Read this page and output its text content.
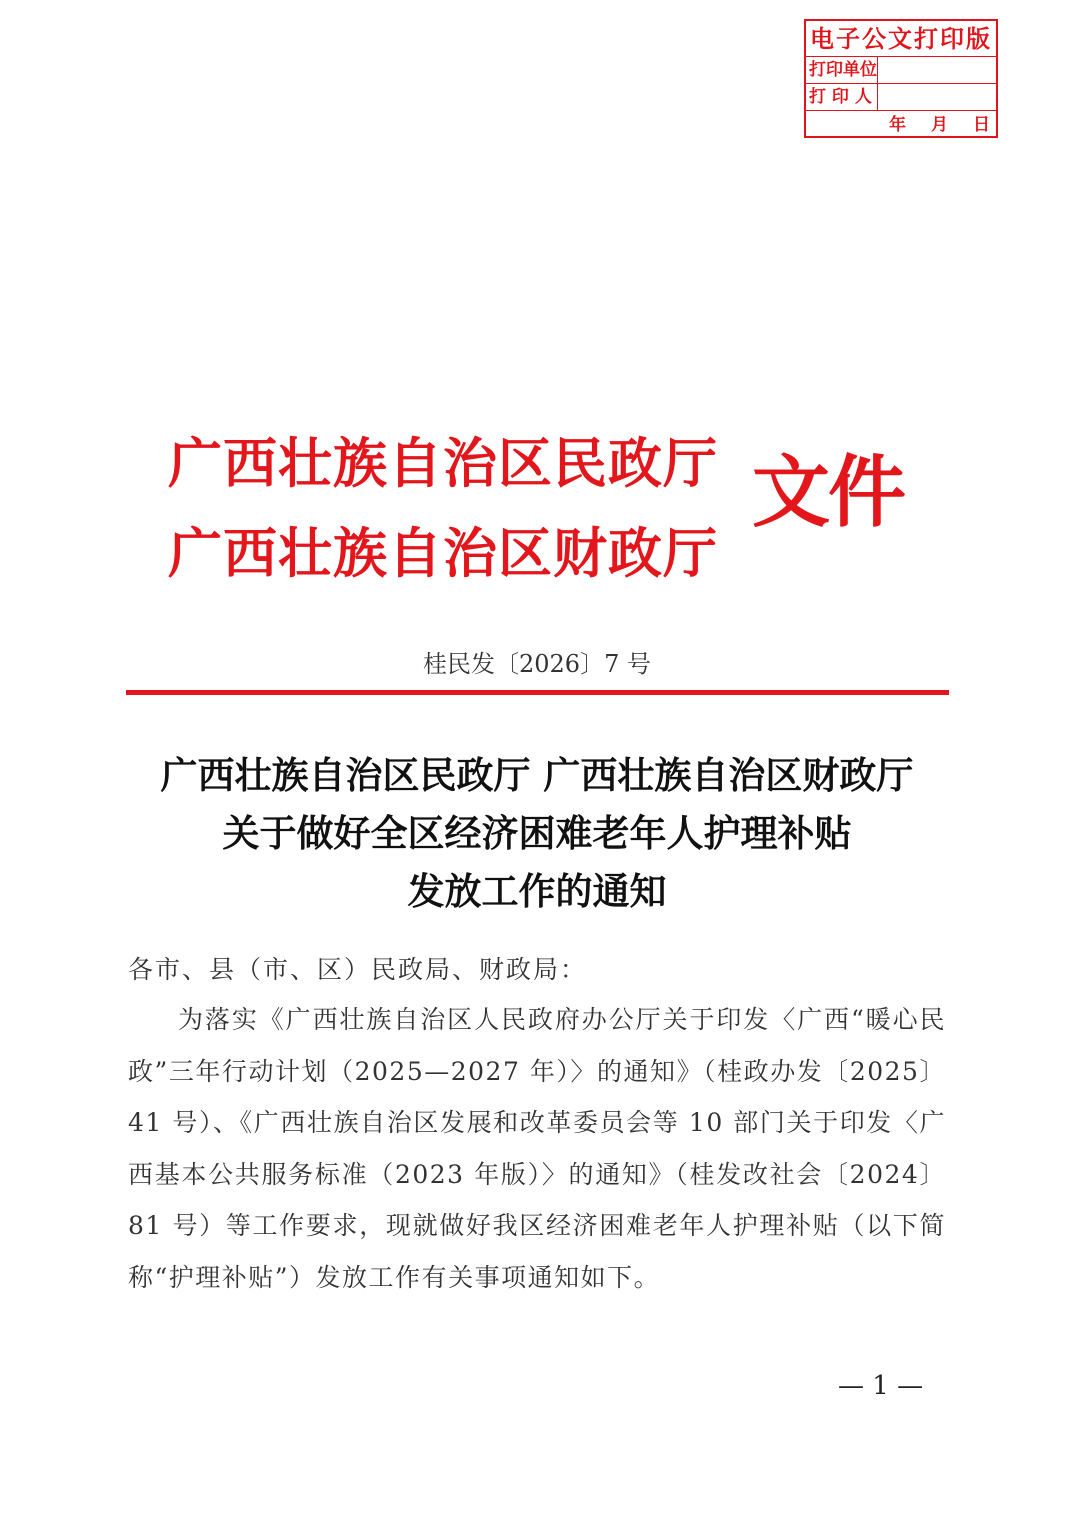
电子公文打印版
打印单位
打 印 人
年	月	日
广西壮族自治区民政厅
广西壮族自治区财政厅
文件
桂民发〔2026〕7 号
广西壮族自治区民政厅 广西壮族自治区财政厅
关于做好全区经济困难老年人护理补贴
发放工作的通知
各市、县（市、区）民政局、财政局：

为落实《广西壮族自治区人民政府办公厅关于印发〈广西“暖心民政”三年行动计划（2025—2027 年）〉的通知》（桂政办发〔2025〕41 号）、《广西壮族自治区发展和改革委员会等 10 部门关于印发〈广西基本公共服务标准（2023 年版）〉的通知》（桂发改社会〔2024〕81 号）等工作要求，现就做好我区经济困难老年人护理补贴（以下简称“护理补贴”）发放工作有关事项通知如下。

— 1 —
